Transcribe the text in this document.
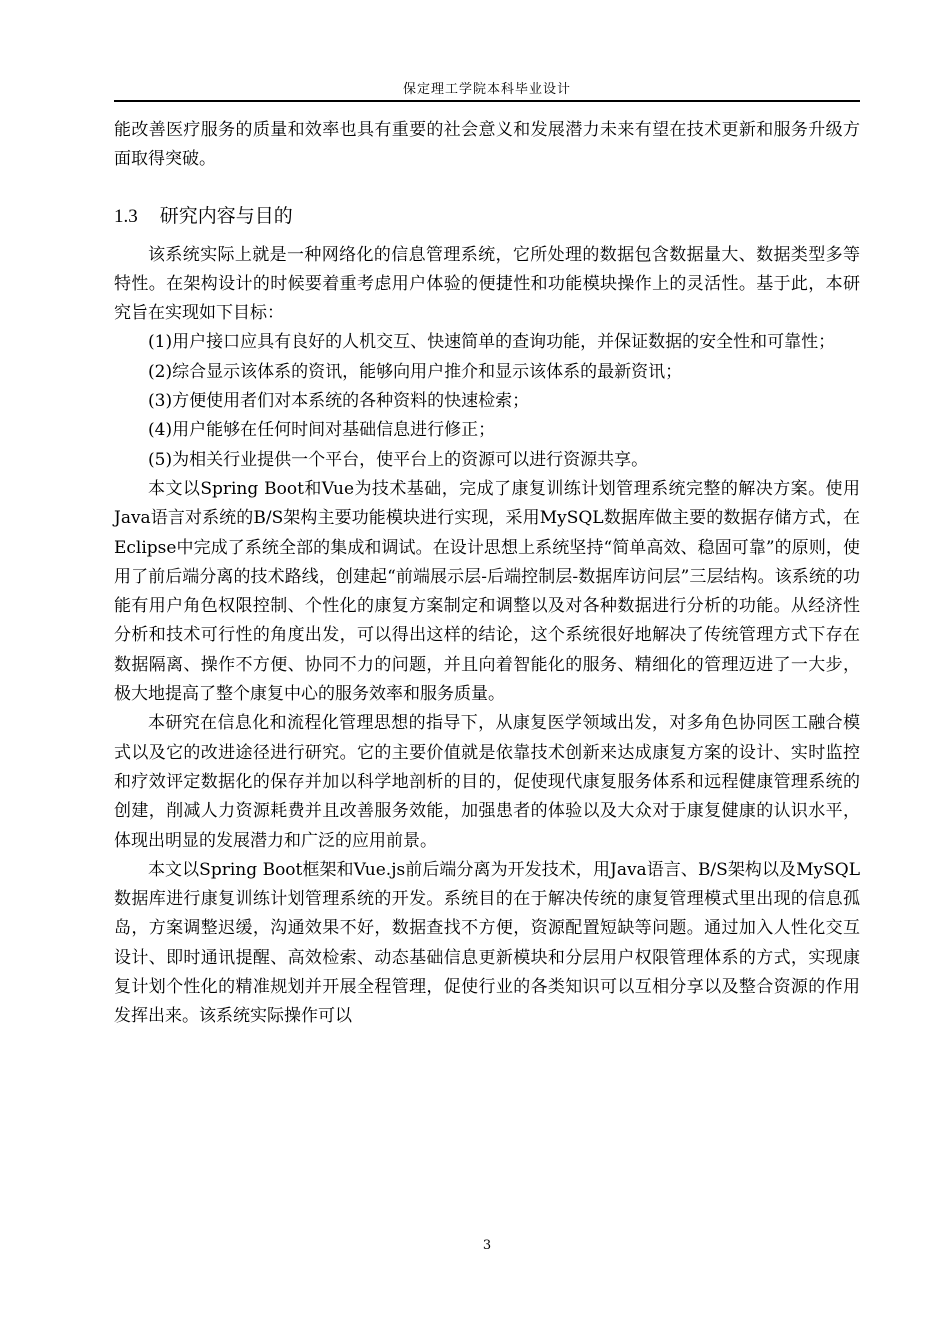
保定理工学院本科毕业设计

能改善医疗服务的质量和效率也具有重要的社会意义和发展潜力未来有望在技术更新和服务升级方面取得突破。

1.3 研究内容与目的

该系统实际上就是一种网络化的信息管理系统，它所处理的数据包含数据量大、数据类型多等特性。在架构设计的时候要着重考虑用户体验的便捷性和功能模块操作上的灵活性。基于此，本研究旨在实现如下目标：

(1)用户接口应具有良好的人机交互、快速简单的查询功能，并保证数据的安全性和可靠性；

(2)综合显示该体系的资讯，能够向用户推介和显示该体系的最新资讯；

(3)方便使用者们对本系统的各种资料的快速检索；

(4)用户能够在任何时间对基础信息进行修正；

(5)为相关行业提供一个平台，使平台上的资源可以进行资源共享。

本文以Spring Boot和Vue为技术基础，完成了康复训练计划管理系统完整的解决方案。使用Java语言对系统的B/S架构主要功能模块进行实现，采用MySQL数据库做主要的数据存储方式，在Eclipse中完成了系统全部的集成和调试。在设计思想上系统坚持“简单高效、稳固可靠”的原则，使用了前后端分离的技术路线，创建起“前端展示层-后端控制层-数据库访问层”三层结构。该系统的功能有用户角色权限控制、个性化的康复方案制定和调整以及对各种数据进行分析的功能。从经济性分析和技术可行性的角度出发，可以得出这样的结论，这个系统很好地解决了传统管理方式下存在数据隔离、操作不方便、协同不力的问题，并且向着智能化的服务、精细化的管理迈进了一大步，极大地提高了整个康复中心的服务效率和服务质量。

本研究在信息化和流程化管理思想的指导下，从康复医学领域出发，对多角色协同医工融合模式以及它的改进途径进行研究。它的主要价值就是依靠技术创新来达成康复方案的设计、实时监控和疗效评定数据化的保存并加以科学地剖析的目的，促使现代康复服务体系和远程健康管理系统的创建，削减人力资源耗费并且改善服务效能，加强患者的体验以及大众对于康复健康的认识水平，体现出明显的发展潜力和广泛的应用前景。

本文以Spring Boot框架和Vue.js前后端分离为开发技术，用Java语言、B/S架构以及MySQL数据库进行康复训练计划管理系统的开发。系统目的在于解决传统的康复管理模式里出现的信息孤岛，方案调整迟缓，沟通效果不好，数据查找不方便，资源配置短缺等问题。通过加入人性化交互设计、即时通讯提醒、高效检索、动态基础信息更新模块和分层用户权限管理体系的方式，实现康复计划个性化的精准规划并开展全程管理，促使行业的各类知识可以互相分享以及整合资源的作用发挥出来。该系统实际操作可以

3
